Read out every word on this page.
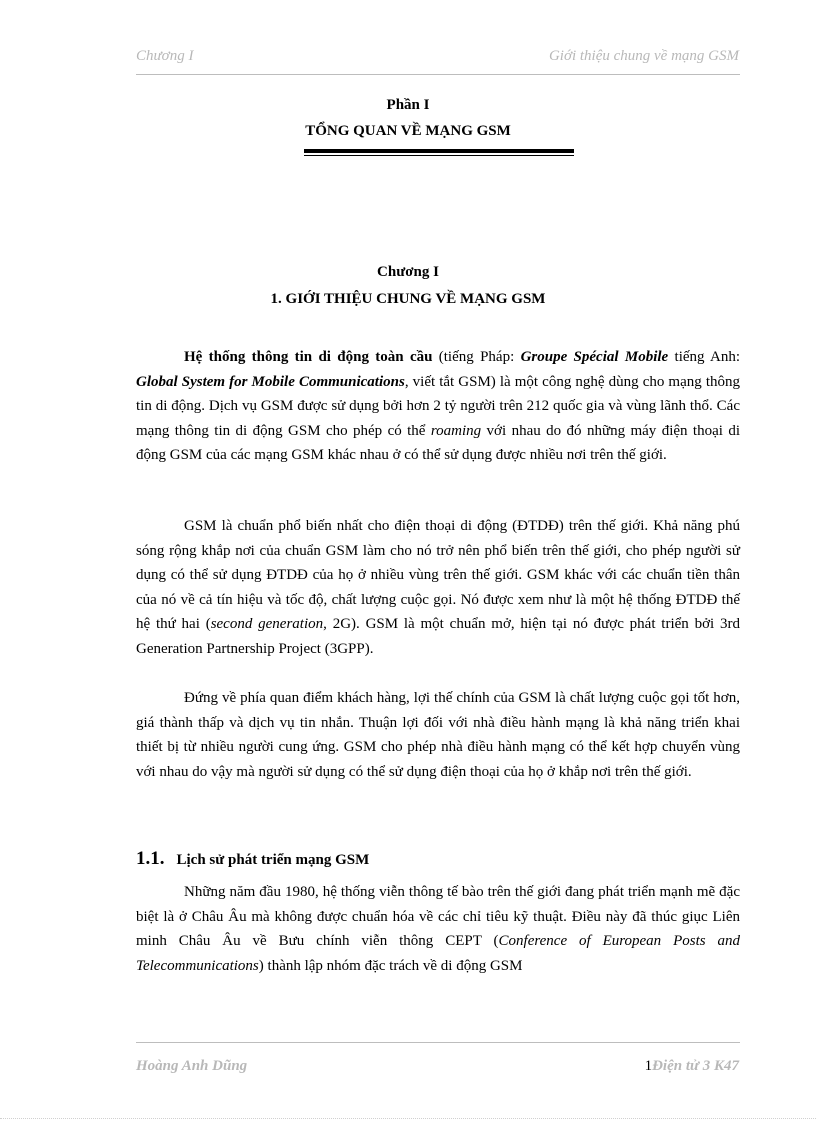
Chương I	Giới thiệu chung về mạng GSM
Phần I
TỔNG QUAN VỀ MẠNG GSM
Chương I
1. GIỚI THIỆU CHUNG VỀ MẠNG GSM
Hệ thống thông tin di động toàn cầu (tiếng Pháp: Groupe Spécial Mobile tiếng Anh: Global System for Mobile Communications, viết tắt GSM) là một công nghệ dùng cho mạng thông tin di động. Dịch vụ GSM được sử dụng bởi hơn 2 tỷ người trên 212 quốc gia và vùng lãnh thổ. Các mạng thông tin di động GSM cho phép có thể roaming với nhau do đó những máy điện thoại di động GSM của các mạng GSM khác nhau ở có thể sử dụng được nhiều nơi trên thế giới.
GSM là chuẩn phổ biến nhất cho điện thoại di động (ĐTDĐ) trên thế giới. Khả năng phú sóng rộng khắp nơi của chuẩn GSM làm cho nó trở nên phổ biến trên thế giới, cho phép người sử dụng có thể sử dụng ĐTDĐ của họ ở nhiều vùng trên thế giới. GSM khác với các chuẩn tiền thân của nó về cả tín hiệu và tốc độ, chất lượng cuộc gọi. Nó được xem như là một hệ thống ĐTDĐ thế hệ thứ hai (second generation, 2G). GSM là một chuẩn mở, hiện tại nó được phát triển bởi 3rd Generation Partnership Project (3GPP).
Đứng về phía quan điểm khách hàng, lợi thế chính của GSM là chất lượng cuộc gọi tốt hơn, giá thành thấp và dịch vụ tin nhắn. Thuận lợi đối với nhà điều hành mạng là khả năng triển khai thiết bị từ nhiều người cung ứng. GSM cho phép nhà điều hành mạng có thể kết hợp chuyển vùng với nhau do vậy mà người sử dụng có thể sử dụng điện thoại của họ ở khắp nơi trên thế giới.
1.1. Lịch sử phát triển mạng GSM
Những năm đầu 1980, hệ thống viễn thông tế bào trên thế giới đang phát triển mạnh mẽ đặc biệt là ở Châu Âu mà không được chuẩn hóa về các chỉ tiêu kỹ thuật. Điều này đã thúc giục Liên minh Châu Âu về Bưu chính viễn thông CEPT (Conference of European Posts and Telecommunications) thành lập nhóm đặc trách về di động GSM
Hoàng Anh Dũng	1Điện tử 3 K47
